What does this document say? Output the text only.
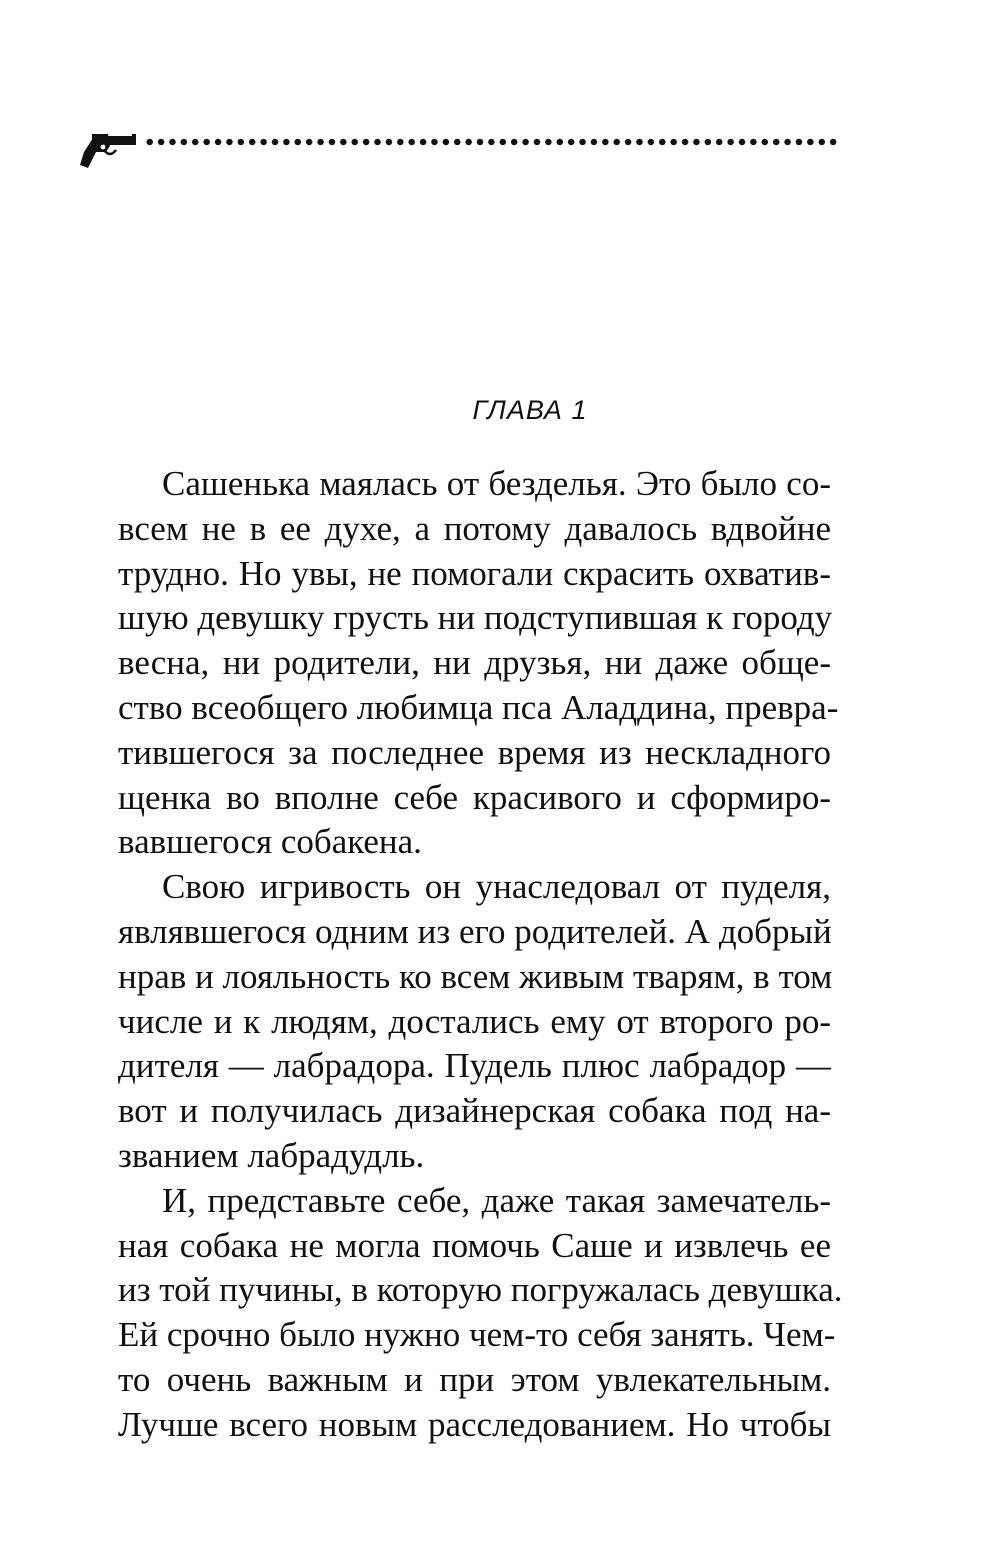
ГЛАВА 1
Сашенька маялась от безделья. Это было со-
всем не в ее духе, а потому давалось вдвойне
трудно. Но увы, не помогали скрасить охватив-
шую девушку грусть ни подступившая к городу
весна, ни родители, ни друзья, ни даже обще-
ство всеобщего любимца пса Аладдина, превра-
тившегося за последнее время из нескладного
щенка во вполне себе красивого и сформиро-
вавшегося собакена.
Свою игривость он унаследовал от пуделя,
являвшегося одним из его родителей. А добрый
нрав и лояльность ко всем живым тварям, в том
числе и к людям, достались ему от второго ро-
дителя — лабрадора. Пудель плюс лабрадор —
вот и получилась дизайнерская собака под на-
званием лабрадудль.
И, представьте себе, даже такая замечатель-
ная собака не могла помочь Саше и извлечь ее
из той пучины, в которую погружалась девушка.
Ей срочно было нужно чем-то себя занять. Чем-
то очень важным и при этом увлекательным.
Лучше всего новым расследованием. Но чтобы
